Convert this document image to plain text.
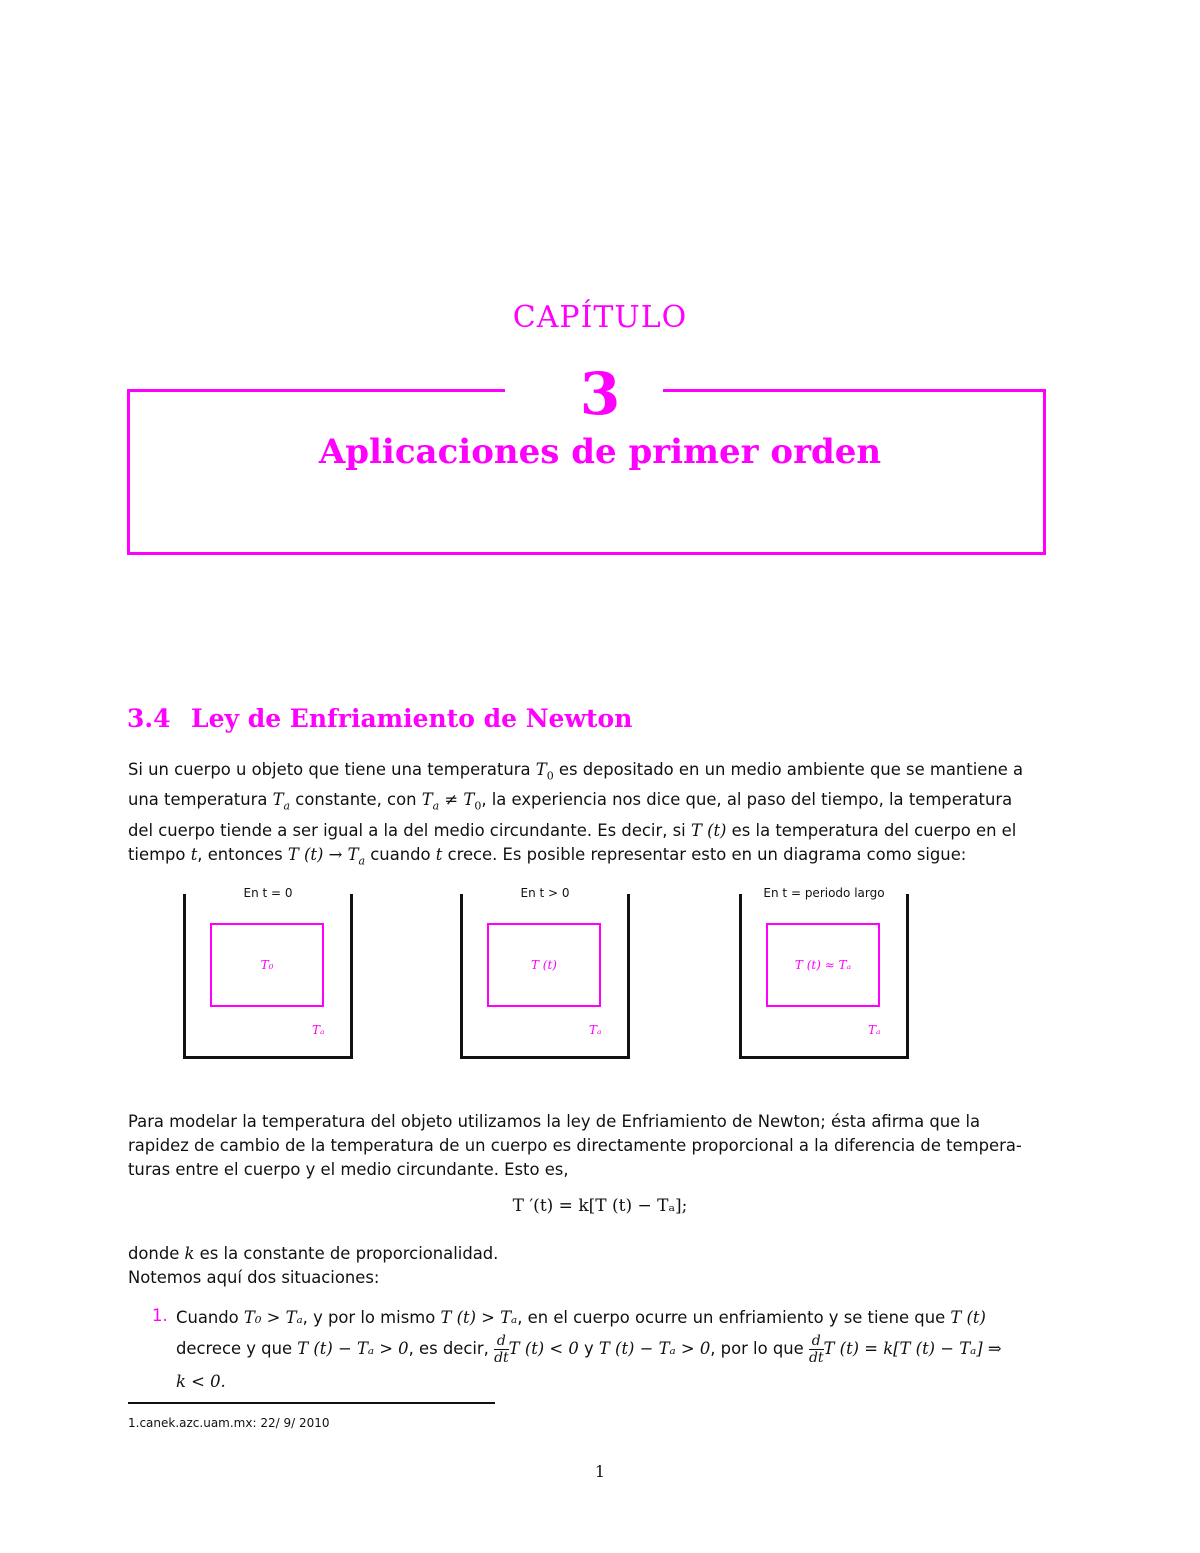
CAPÍTULO
3
Aplicaciones de primer orden
3.4 Ley de Enfriamiento de Newton
Si un cuerpo u objeto que tiene una temperatura $T_0$ es depositado en un medio ambiente que se mantiene a
una temperatura $T_a$ constante, con $T_a \ne T_0$, la experiencia nos dice que, al paso del tiempo, la temperatura
del cuerpo tiende a ser igual a la del medio circundante. Es decir, si T (t) es la temperatura del cuerpo en el
tiempo t, entonces T $(t) \to T_a$ cuando t crece. Es posible representar esto en un diagrama como sigue:
En t = 0
T₀
Tₐ
En t > 0
T (t)
Tₐ
En t = periodo largo
T (t) ≈ Tₐ
Tₐ
Para modelar la temperatura del objeto utilizamos la ley de Enfriamiento de Newton; ésta afirma que la
rapidez de cambio de la temperatura de un cuerpo es directamente proporcional a la diferencia de tempera-
turas entre el cuerpo y el medio circundante. Esto es,
T ′(t) = k[T (t) − Tₐ];
donde k es la constante de proporcionalidad.
Notemos aquí dos situaciones:
1. Cuando T₀ > Tₐ, y por lo mismo T (t) > Tₐ, en el cuerpo ocurre un enfriamiento y se tiene que T (t)
decrece y que T (t) − Tₐ > 0, es decir, $\frac{d}{dt}$ T (t) < 0 y T (t) − Tₐ > 0, por lo que $\frac{d}{dt}$ T (t) = k[T (t) − Tₐ] ⇒
k < 0.
1.canek.azc.uam.mx: 22/ 9/ 2010
1
